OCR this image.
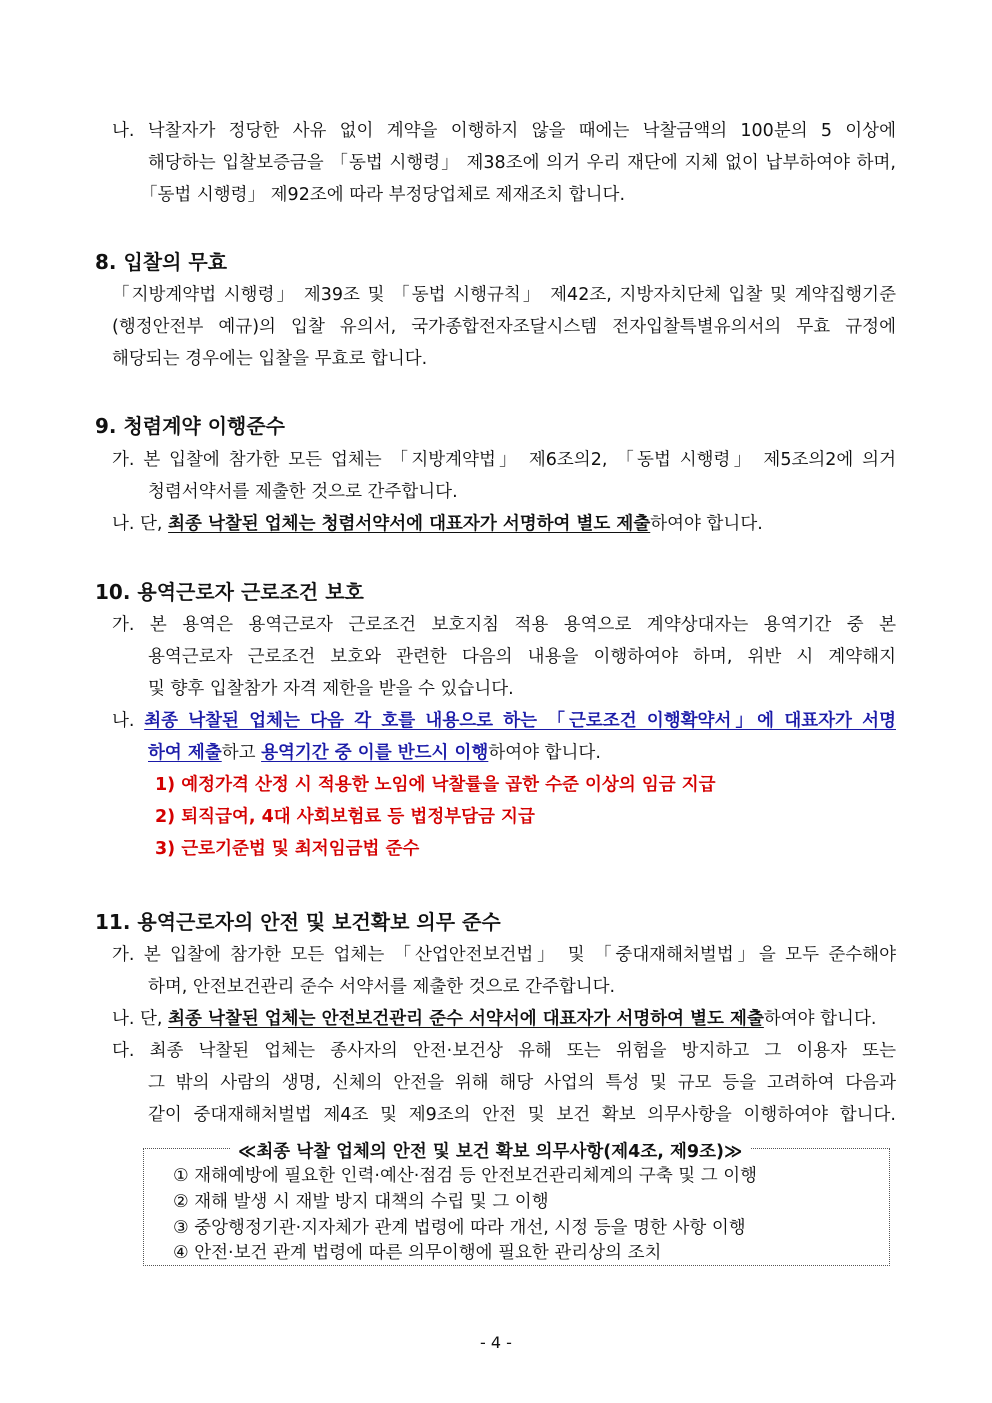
나. 낙찰자가 정당한 사유 없이 계약을 이행하지 않을 때에는 낙찰금액의 100분의 5 이상에
해당하는 입찰보증금을 「동법 시행령」 제38조에 의거 우리 재단에 지체 없이 납부하여야 하며,
「동법 시행령」 제92조에 따라 부정당업체로 제재조치 합니다.
8. 입찰의 무효
「지방계약법 시행령」 제39조 및 「동법 시행규칙」 제42조, 지방자치단체 입찰 및 계약집행기준
(행정안전부 예규)의 입찰 유의서, 국가종합전자조달시스템 전자입찰특별유의서의 무효 규정에
해당되는 경우에는 입찰을 무효로 합니다.
9. 청렴계약 이행준수
가. 본 입찰에 참가한 모든 업체는 「지방계약법」 제6조의2, 「동법 시행령」 제5조의2에 의거
청렴서약서를 제출한 것으로 간주합니다.
나. 단, 최종 낙찰된 업체는 청렴서약서에 대표자가 서명하여 별도 제출하여야 합니다.
10. 용역근로자 근로조건 보호
가. 본 용역은 용역근로자 근로조건 보호지침 적용 용역으로 계약상대자는 용역기간 중 본
용역근로자 근로조건 보호와 관련한 다음의 내용을 이행하여야 하며, 위반 시 계약해지
및 향후 입찰참가 자격 제한을 받을 수 있습니다.
나. 최종 낙찰된 업체는 다음 각 호를 내용으로 하는 「근로조건 이행확약서」에 대표자가 서명
하여 제출하고 용역기간 중 이를 반드시 이행하여야 합니다.
1) 예정가격 산정 시 적용한 노임에 낙찰률을 곱한 수준 이상의 임금 지급
2) 퇴직급여, 4대 사회보험료 등 법정부담금 지급
3) 근로기준법 및 최저임금법 준수
11. 용역근로자의 안전 및 보건확보 의무 준수
가. 본 입찰에 참가한 모든 업체는 「산업안전보건법」 및 「중대재해처벌법」을 모두 준수해야
하며, 안전보건관리 준수 서약서를 제출한 것으로 간주합니다.
나. 단, 최종 낙찰된 업체는 안전보건관리 준수 서약서에 대표자가 서명하여 별도 제출하여야 합니다.
다. 최종 낙찰된 업체는 종사자의 안전·보건상 유해 또는 위험을 방지하고 그 이용자 또는
그 밖의 사람의 생명, 신체의 안전을 위해 해당 사업의 특성 및 규모 등을 고려하여 다음과
같이 중대재해처벌법 제4조 및 제9조의 안전 및 보건 확보 의무사항을 이행하여야 합니다.
≪최종 낙찰 업체의 안전 및 보건 확보 의무사항(제4조, 제9조)≫
① 재해예방에 필요한 인력·예산·점검 등 안전보건관리체계의 구축 및 그 이행
② 재해 발생 시 재발 방지 대책의 수립 및 그 이행
③ 중앙행정기관·지자체가 관계 법령에 따라 개선, 시정 등을 명한 사항 이행
④ 안전·보건 관계 법령에 따른 의무이행에 필요한 관리상의 조치
- 4 -
